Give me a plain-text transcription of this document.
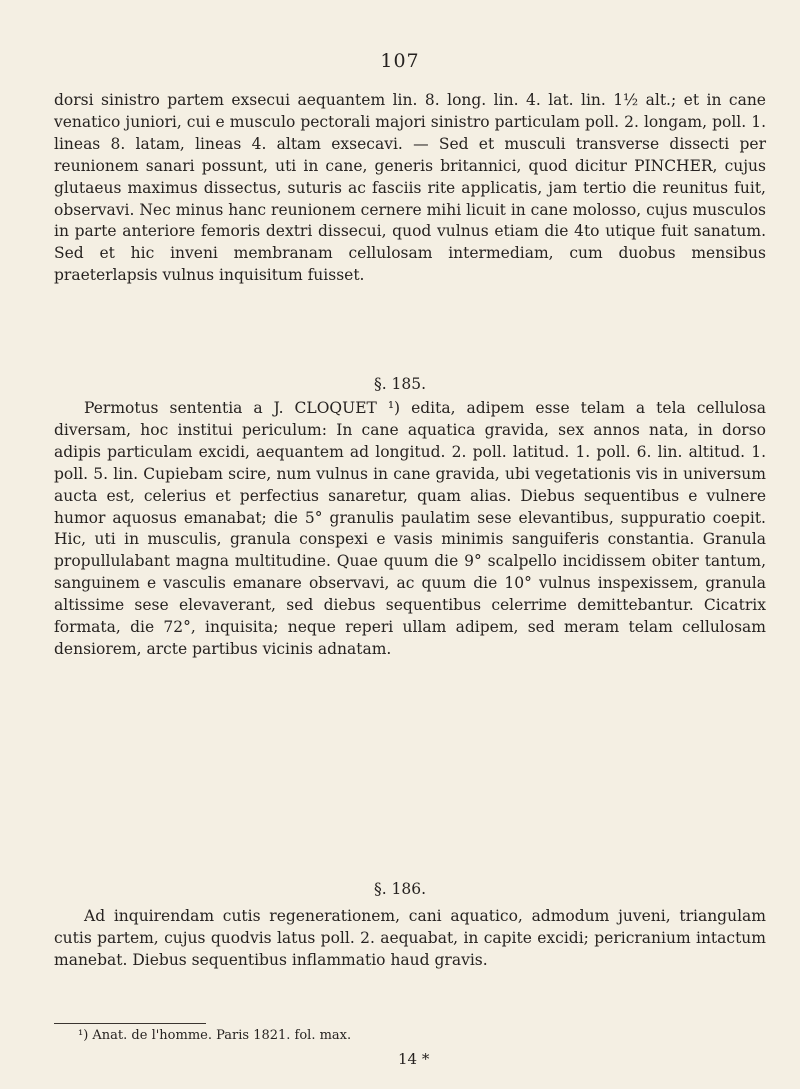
107

dorsi sinistro partem exsecui aequantem lin. 8. long. lin. 4. lat. lin. 1½ alt.; et in cane venatico juniori, cui e musculo pectorali majori sinistro particulam poll. 2. longam, poll. 1. lineas 8. latam, lineas 4. altam exsecavi. — Sed et musculi transverse dissecti per reunionem sanari possunt, uti in cane, generis britannici, quod dicitur PINCHER, cujus glutaeus maximus dissectus, suturis ac fasciis rite applicatis, jam tertio die reunitus fuit, observavi. Nec minus hanc reunionem cernere mihi licuit in cane molosso, cujus musculos in parte anteriore femoris dextri dissecui, quod vulnus etiam die 4to utique fuit sanatum. Sed et hic inveni membranam cellulosam intermediam, cum duobus mensibus praeterlapsis vulnus inquisitum fuisset.

§. 185.

Permotus sententia a J. CLOQUET ¹) edita, adipem esse telam a tela cellulosa diversam, hoc institui periculum: In cane aquatica gravida, sex annos nata, in dorso adipis particulam excidi, aequantem ad longitud. 2. poll. latitud. 1. poll. 6. lin. altitud. 1. poll. 5. lin. Cupiebam scire, num vulnus in cane gravida, ubi vegetationis vis in universum aucta est, celerius et perfectius sanaretur, quam alias. Diebus sequentibus e vulnere humor aquosus emanabat; die 5° granulis paulatim sese elevantibus, suppuratio coepit. Hic, uti in musculis, granula conspexi e vasis minimis sanguiferis constantia. Granula propullulabant magna multitudine. Quae quum die 9° scalpello incidissem obiter tantum, sanguinem e vasculis emanare observavi, ac quum die 10° vulnus inspexissem, granula altissime sese elevaverant, sed diebus sequentibus celerrime demittebantur. Cicatrix formata, die 72°, inquisita; neque reperi ullam adipem, sed meram telam cellulosam densiorem, arcte partibus vicinis adnatam.

§. 186.

Ad inquirendam cutis regenerationem, cani aquatico, admodum juveni, triangulam cutis partem, cujus quodvis latus poll. 2. aequabat, in capite excidi; pericranium intactum manebat. Diebus sequentibus inflammatio haud gravis.

¹) Anat. de l'homme. Paris 1821. fol. max.
14 *
